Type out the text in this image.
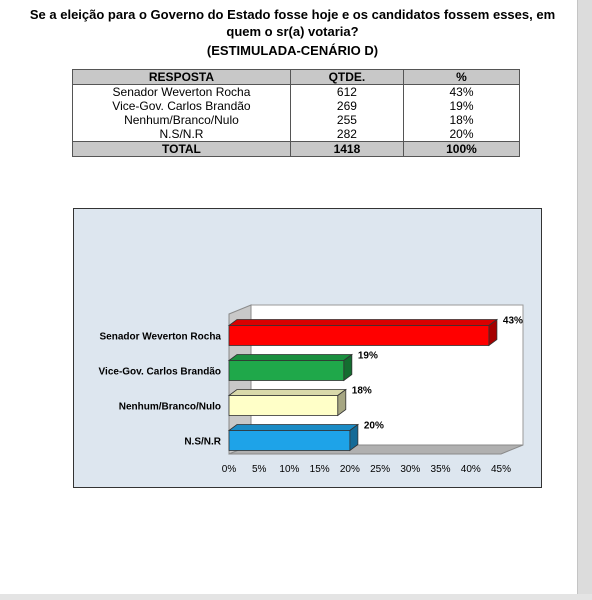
Se a eleição para o Governo do Estado fosse hoje e os candidatos fossem esses, em
quem o sr(a) votaria?
(ESTIMULADA-CENÁRIO D)
RESPOSTA	QTDE.	%
Senador Weverton Rocha	612	43%
Vice-Gov. Carlos Brandão	269	19%
Nenhum/Branco/Nulo	255	18%
N.S/N.R	282	20%
TOTAL	1418	100%
43%
Senador Weverton Rocha
19%
Vice-Gov. Carlos Brandão
18%
Nenhum/Branco/Nulo
20%
N.S/N.R
0% 5% 10% 15% 20% 25% 30% 35% 40% 45%
